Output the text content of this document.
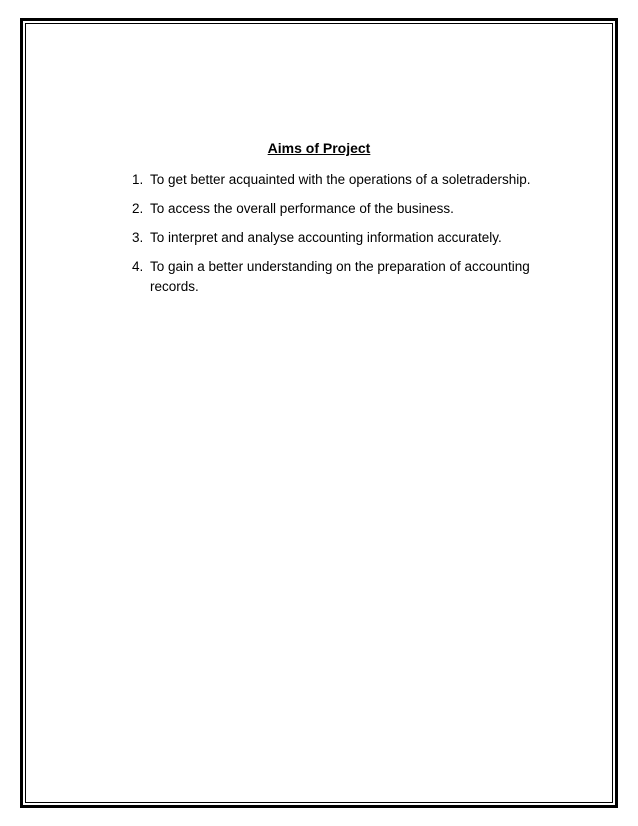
Aims of Project
1. To get better acquainted with the operations of a soletradership.
2. To access the overall performance of the business.
3. To interpret and analyse accounting information accurately.
4. To gain a better understanding on the preparation of accounting records.
